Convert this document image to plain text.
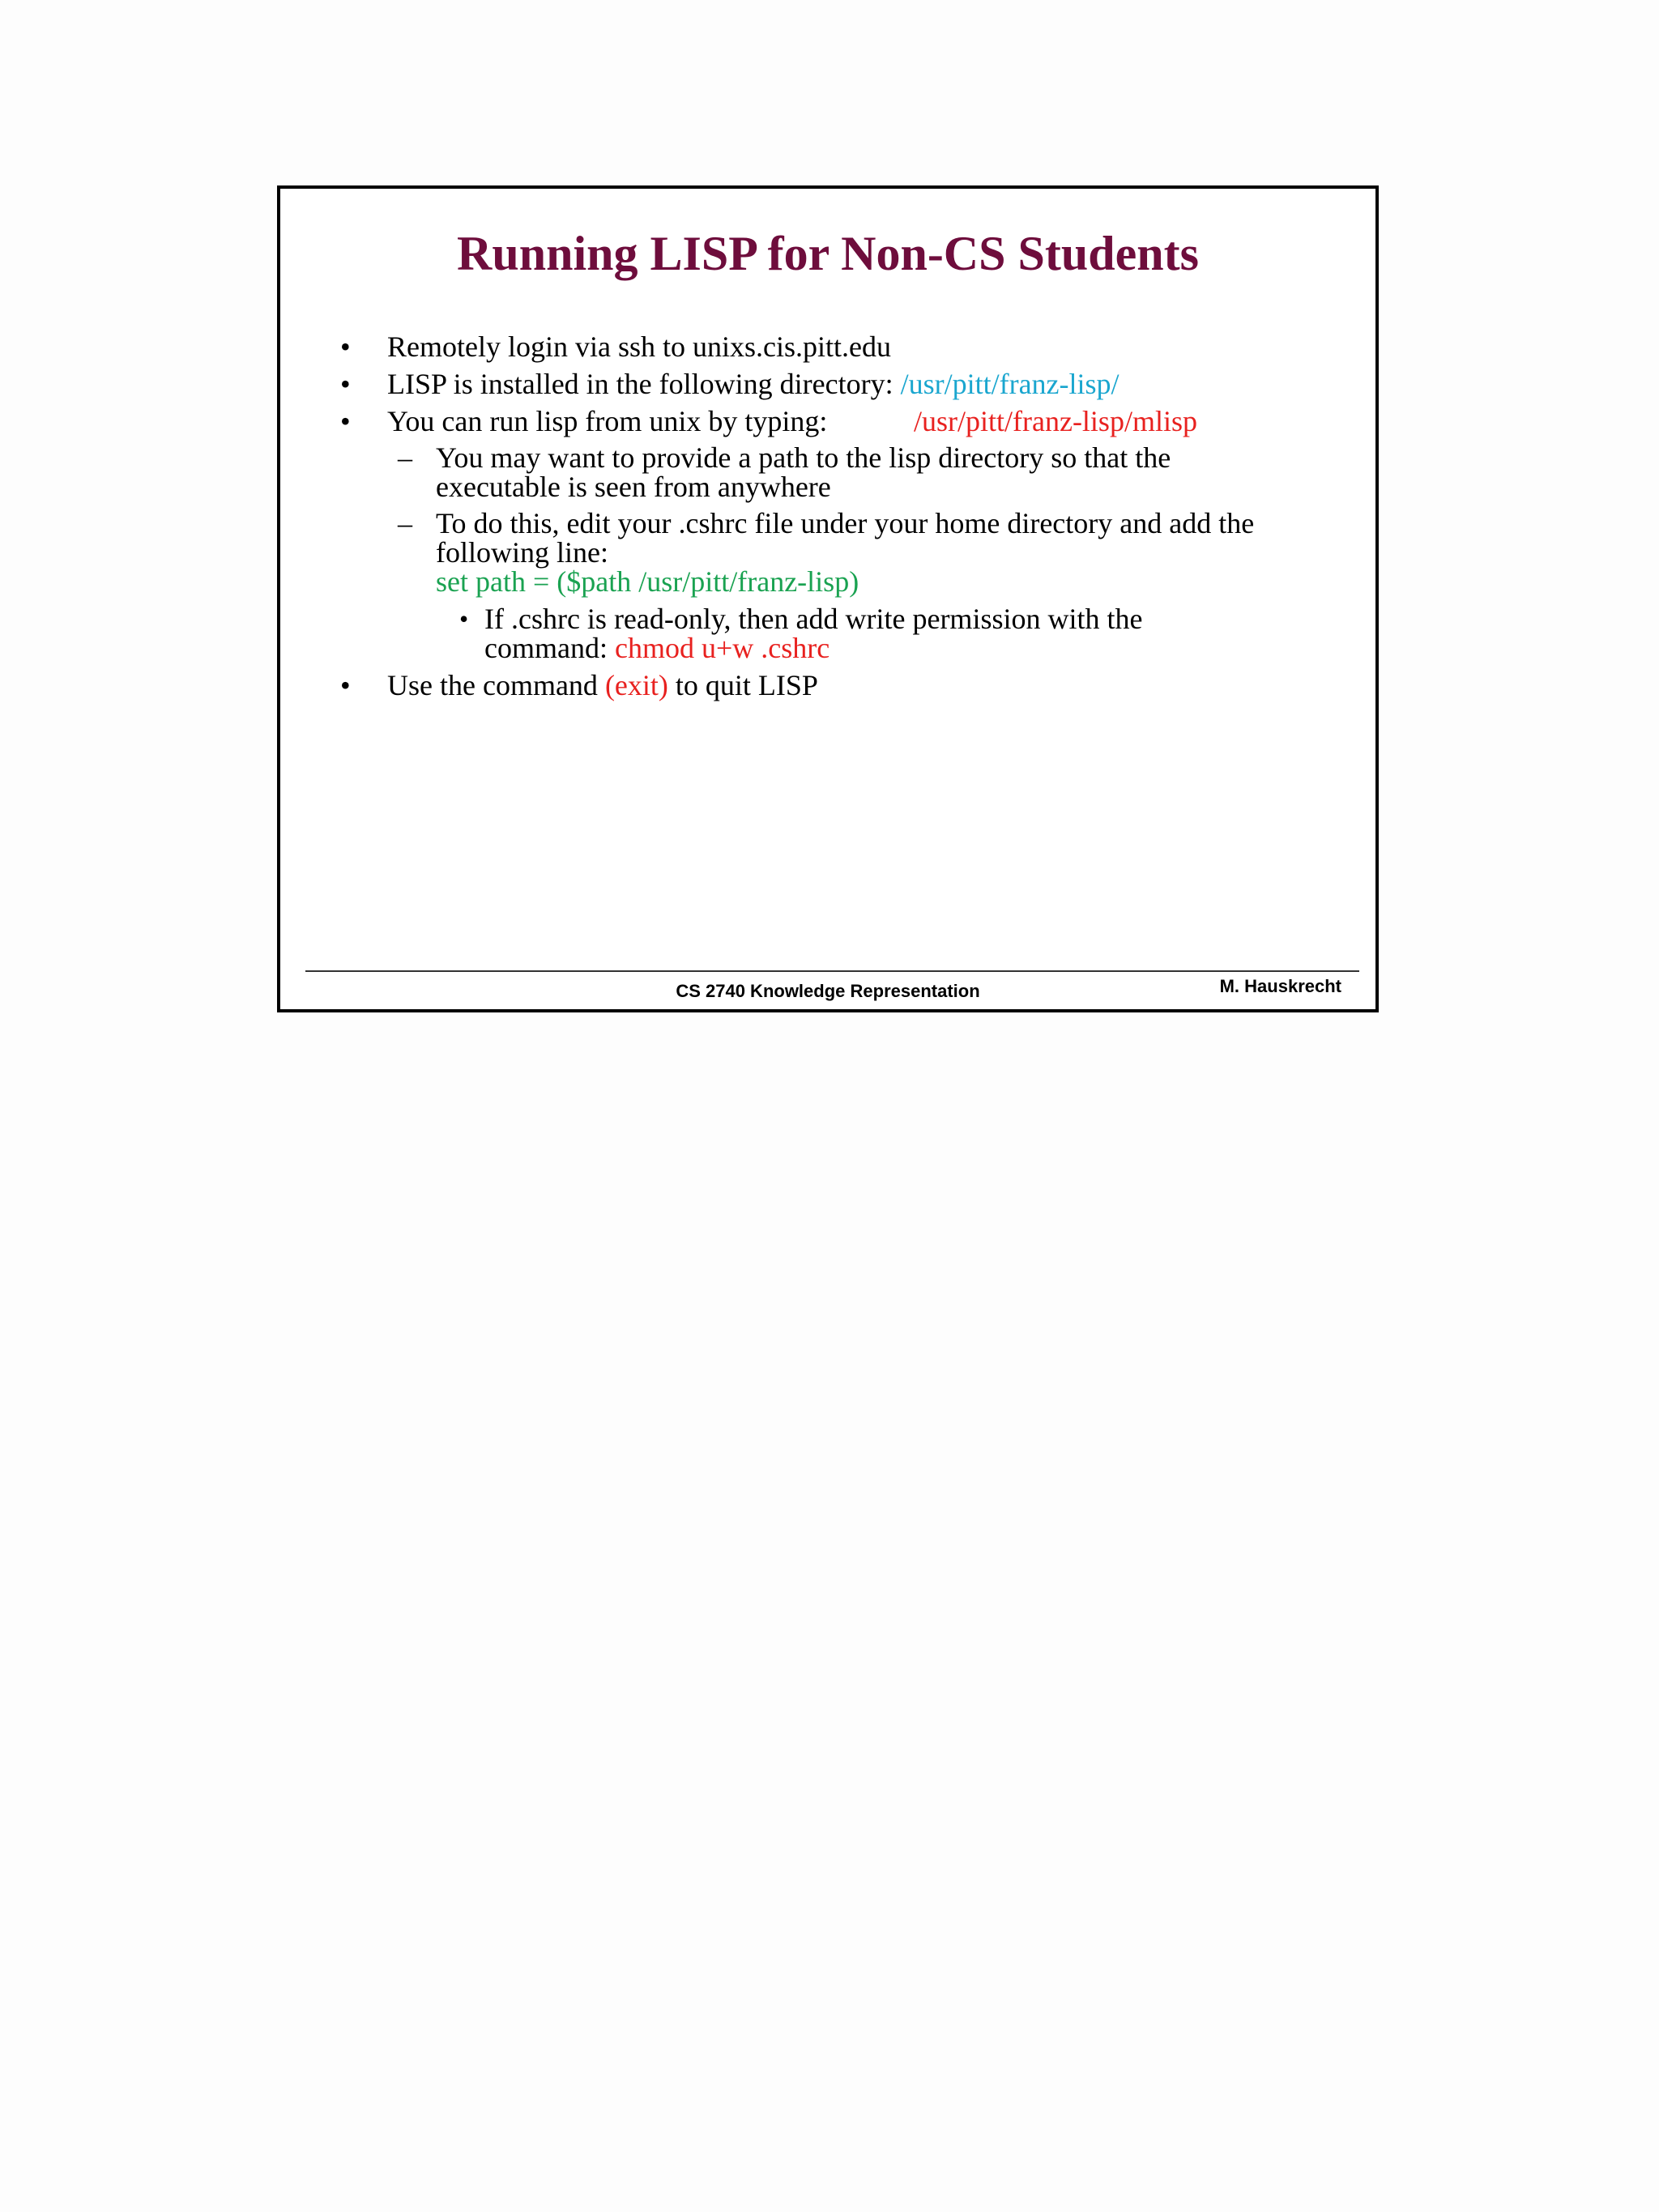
Running LISP for Non-CS Students
• Remotely login via ssh to unixs.cis.pitt.edu
• LISP is installed in the following directory: /usr/pitt/franz-lisp/
• You can run lisp from unix by typing:	/usr/pitt/franz-lisp/mlisp
– You may want to provide a path to the lisp directory so that the
executable is seen from anywhere
– To do this, edit your .cshrc file under your home directory and add the
following line:
set path = ($path /usr/pitt/franz-lisp)
• If .cshrc is read-only, then add write permission with the
command: chmod u+w .cshrc
• Use the command (exit) to quit LISP
CS 2740 Knowledge Representation	M. Hauskrecht
